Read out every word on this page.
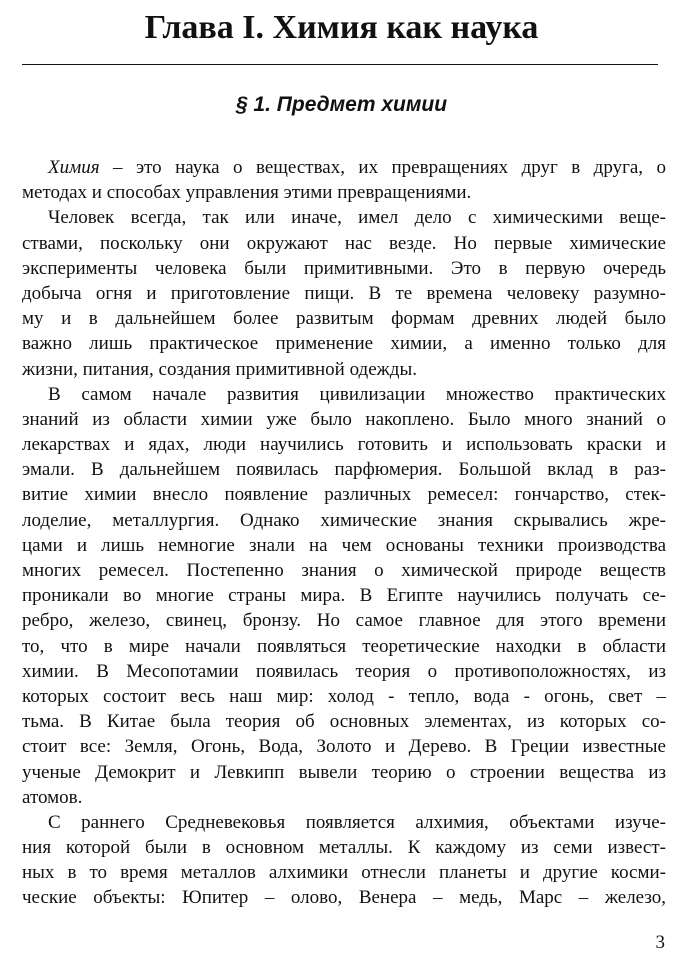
Глава I. Химия как наука
§ 1. Предмет химии
Химия – это наука о веществах, их превращениях друг в друга, о
методах и способах управления этими превращениями.
Человек всегда, так или иначе, имел дело с химическими веще-
ствами, поскольку они окружают нас везде. Но первые химические
эксперименты человека были примитивными. Это в первую очередь
добыча огня и приготовление пищи. В те времена человеку разумно-
му и в дальнейшем более развитым формам древних людей было
важно лишь практическое применение химии, а именно только для
жизни, питания, создания примитивной одежды.
В самом начале развития цивилизации множество практических
знаний из области химии уже было накоплено. Было много знаний о
лекарствах и ядах, люди научились готовить и использовать краски и
эмали. В дальнейшем появилась парфюмерия. Большой вклад в раз-
витие химии внесло появление различных ремесел: гончарство, стек-
лоделие, металлургия. Однако химические знания скрывались жре-
цами и лишь немногие знали на чем основаны техники производства
многих ремесел. Постепенно знания о химической природе веществ
проникали во многие страны мира. В Египте научились получать се-
ребро, железо, свинец, бронзу. Но самое главное для этого времени
то, что в мире начали появляться теоретические находки в области
химии. В Месопотамии появилась теория о противоположностях, из
которых состоит весь наш мир: холод - тепло, вода - огонь, свет –
тьма. В Китае была теория об основных элементах, из которых со-
стоит все: Земля, Огонь, Вода, Золото и Дерево. В Греции известные
ученые Демокрит и Левкипп вывели теорию о строении вещества из
атомов.
С раннего Средневековья появляется алхимия, объектами изуче-
ния которой были в основном металлы. К каждому из семи извест-
ных в то время металлов алхимики отнесли планеты и другие косми-
ческие объекты: Юпитер – олово, Венера – медь, Марс – железо,
3
